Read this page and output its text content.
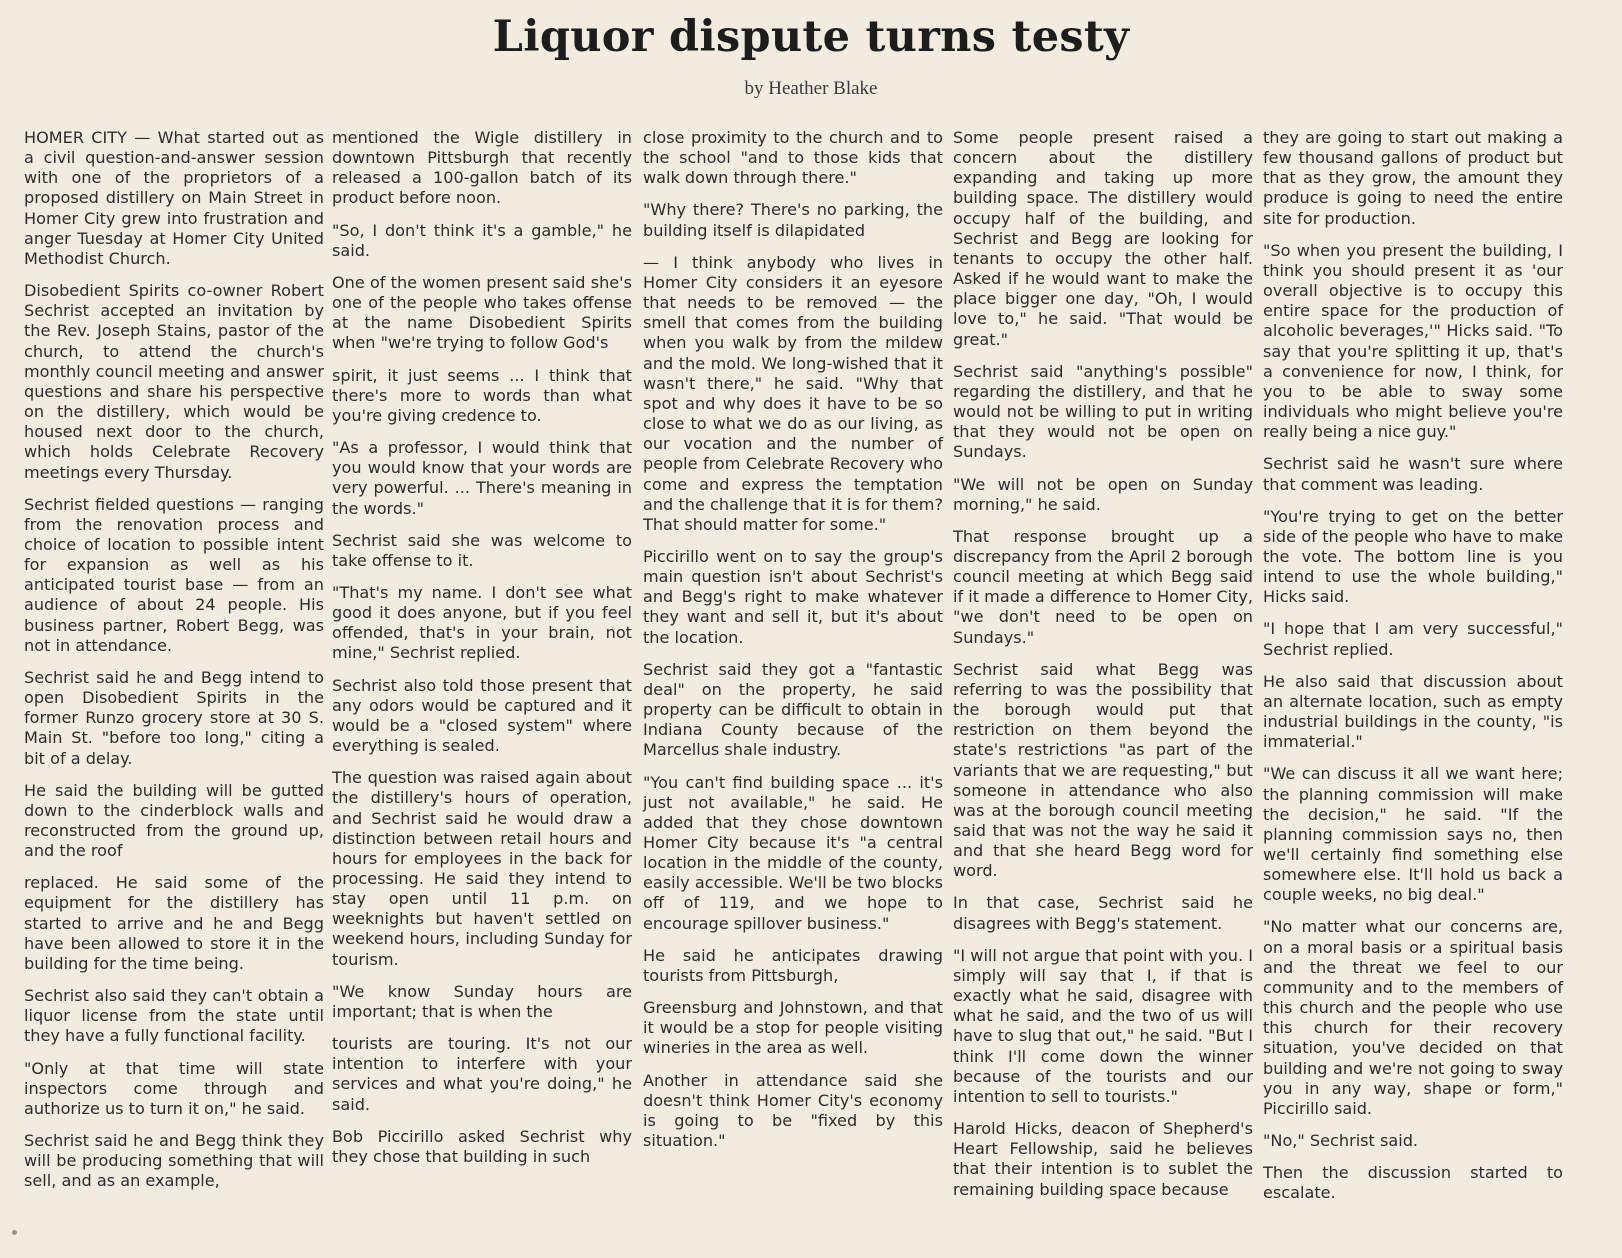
Liquor dispute turns testy
by Heather Blake

HOMER CITY — What started out as a civil question-and-answer session with one of the proprietors of a proposed distillery on Main Street in Homer City grew into frustration and anger Tuesday at Homer City United Methodist Church.

Disobedient Spirits co-owner Robert Sechrist accepted an invitation by the Rev. Joseph Stains, pastor of the church, to attend the church's monthly council meeting and answer questions and share his perspective on the distillery, which would be housed next door to the church, which holds Celebrate Recovery meetings every Thursday.

Sechrist fielded questions — ranging from the renovation process and choice of location to possible intent for expansion as well as his anticipated tourist base — from an audience of about 24 people. His business partner, Robert Begg, was not in attendance.

Sechrist said he and Begg intend to open Disobedient Spirits in the former Runzo grocery store at 30 S. Main St. "before too long," citing a bit of a delay.

He said the building will be gutted down to the cinderblock walls and reconstructed from the ground up, and the roof

replaced. He said some of the equipment for the distillery has started to arrive and he and Begg have been allowed to store it in the building for the time being.

Sechrist also said they can't obtain a liquor license from the state until they have a fully functional facility.

"Only at that time will state inspectors come through and authorize us to turn it on," he said.

Sechrist said he and Begg think they will be producing something that will sell, and as an example,

mentioned the Wigle distillery in downtown Pittsburgh that recently released a 100-gallon batch of its product before noon.

"So, I don't think it's a gamble," he said.

One of the women present said she's one of the people who takes offense at the name Disobedient Spirits when "we're trying to follow God's

spirit, it just seems ... I think that there's more to words than what you're giving credence to.

"As a professor, I would think that you would know that your words are very powerful. ... There's meaning in the words."

Sechrist said she was welcome to take offense to it.

"That's my name. I don't see what good it does anyone, but if you feel offended, that's in your brain, not mine," Sechrist replied.

Sechrist also told those present that any odors would be captured and it would be a "closed system" where everything is sealed.

The question was raised again about the distillery's hours of operation, and Sechrist said he would draw a distinction between retail hours and hours for employees in the back for processing. He said they intend to stay open until 11 p.m. on weeknights but haven't settled on weekend hours, including Sunday for tourism.

"We know Sunday hours are important; that is when the

tourists are touring. It's not our intention to interfere with your services and what you're doing," he said.

Bob Piccirillo asked Sechrist why they chose that building in such

close proximity to the church and to the school "and to those kids that walk down through there."

"Why there? There's no parking, the building itself is dilapidated

— I think anybody who lives in Homer City considers it an eyesore that needs to be removed — the smell that comes from the building when you walk by from the mildew and the mold. We long-wished that it wasn't there," he said. "Why that spot and why does it have to be so close to what we do as our living, as our vocation and the number of people from Celebrate Recovery who come and express the temptation and the challenge that it is for them? That should matter for some."

Piccirillo went on to say the group's main question isn't about Sechrist's and Begg's right to make whatever they want and sell it, but it's about the location.

Sechrist said they got a "fantastic deal" on the property, he said property can be difficult to obtain in Indiana County because of the Marcellus shale industry.

"You can't find building space ... it's just not available," he said. He added that they chose downtown Homer City because it's "a central location in the middle of the county, easily accessible. We'll be two blocks off of 119, and we hope to encourage spillover business."

He said he anticipates drawing tourists from Pittsburgh,

Greensburg and Johnstown, and that it would be a stop for people visiting wineries in the area as well.

Another in attendance said she doesn't think Homer City's economy is going to be "fixed by this situation."

Some people present raised a concern about the distillery expanding and taking up more building space. The distillery would occupy half of the building, and Sechrist and Begg are looking for tenants to occupy the other half. Asked if he would want to make the place bigger one day, "Oh, I would love to," he said. "That would be great."

Sechrist said "anything's possible" regarding the distillery, and that he would not be willing to put in writing that they would not be open on Sundays.

"We will not be open on Sunday morning," he said.

That response brought up a discrepancy from the April 2 borough council meeting at which Begg said if it made a difference to Homer City, "we don't need to be open on Sundays."

Sechrist said what Begg was referring to was the possibility that the borough would put that restriction on them beyond the state's restrictions "as part of the variants that we are requesting," but someone in attendance who also was at the borough council meeting said that was not the way he said it and that she heard Begg word for word.

In that case, Sechrist said he disagrees with Begg's statement.

"I will not argue that point with you. I simply will say that I, if that is exactly what he said, disagree with what he said, and the two of us will have to slug that out," he said. "But I think I'll come down the winner because of the tourists and our intention to sell to tourists."

Harold Hicks, deacon of Shepherd's Heart Fellowship, said he believes that their intention is to sublet the remaining building space because

they are going to start out making a few thousand gallons of product but that as they grow, the amount they produce is going to need the entire site for production.

"So when you present the building, I think you should present it as 'our overall objective is to occupy this entire space for the production of alcoholic beverages,'" Hicks said. "To say that you're splitting it up, that's a convenience for now, I think, for you to be able to sway some individuals who might believe you're really being a nice guy."

Sechrist said he wasn't sure where that comment was leading.

"You're trying to get on the better side of the people who have to make the vote. The bottom line is you intend to use the whole building," Hicks said.

"I hope that I am very successful," Sechrist replied.

He also said that discussion about an alternate location, such as empty industrial buildings in the county, "is immaterial."

"We can discuss it all we want here; the planning commission will make the decision," he said. "If the planning commission says no, then we'll certainly find something else somewhere else. It'll hold us back a couple weeks, no big deal."

"No matter what our concerns are, on a moral basis or a spiritual basis and the threat we feel to our community and to the members of this church and the people who use this church for their recovery situation, you've decided on that building and we're not going to sway you in any way, shape or form," Piccirillo said.

"No," Sechrist said.

Then the discussion started to escalate.
